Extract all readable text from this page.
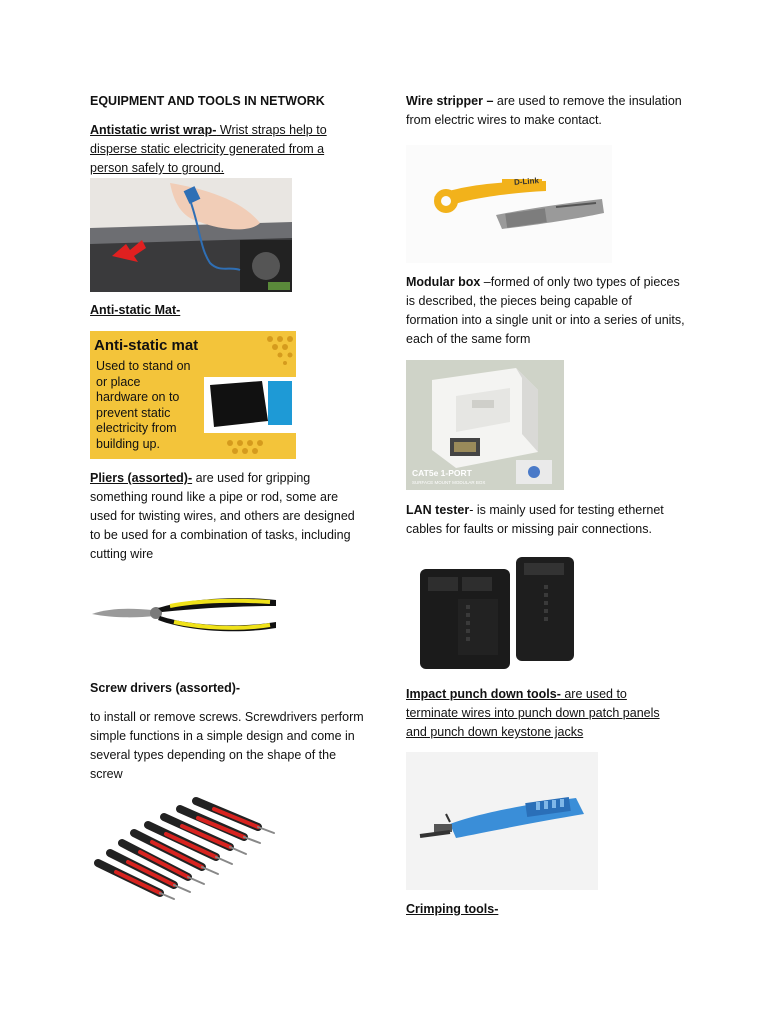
EQUIPMENT AND TOOLS IN NETWORK

Antistatic wrist wrap- Wrist straps help to disperse static electricity generated from a person safely to ground.

Anti-static Mat-

Anti-static mat
Used to stand on
or place
hardware on to
prevent static
electricity from
building up.

Pliers (assorted)- are used for gripping something round like a pipe or rod, some are used for twisting wires, and others are designed to be used for a combination of tasks, including cutting wire

Screw drivers (assorted)-

to install or remove screws. Screwdrivers perform simple functions in a simple design and come in several types depending on the shape of the screw

Wire stripper – are used to remove the insulation from electric wires to make contact.

D-Link

Modular box –formed of only two types of pieces is described, the pieces being capable of formation into a single unit or into a series of units, each of the same form

CAT5e 1-PORT
SURFACE MOUNT MODULAR BOX

LAN tester- is mainly used for testing ethernet cables for faults or missing pair connections.

Impact punch down tools- are used to terminate wires into punch down patch panels and punch down keystone jacks

Crimping tools-
